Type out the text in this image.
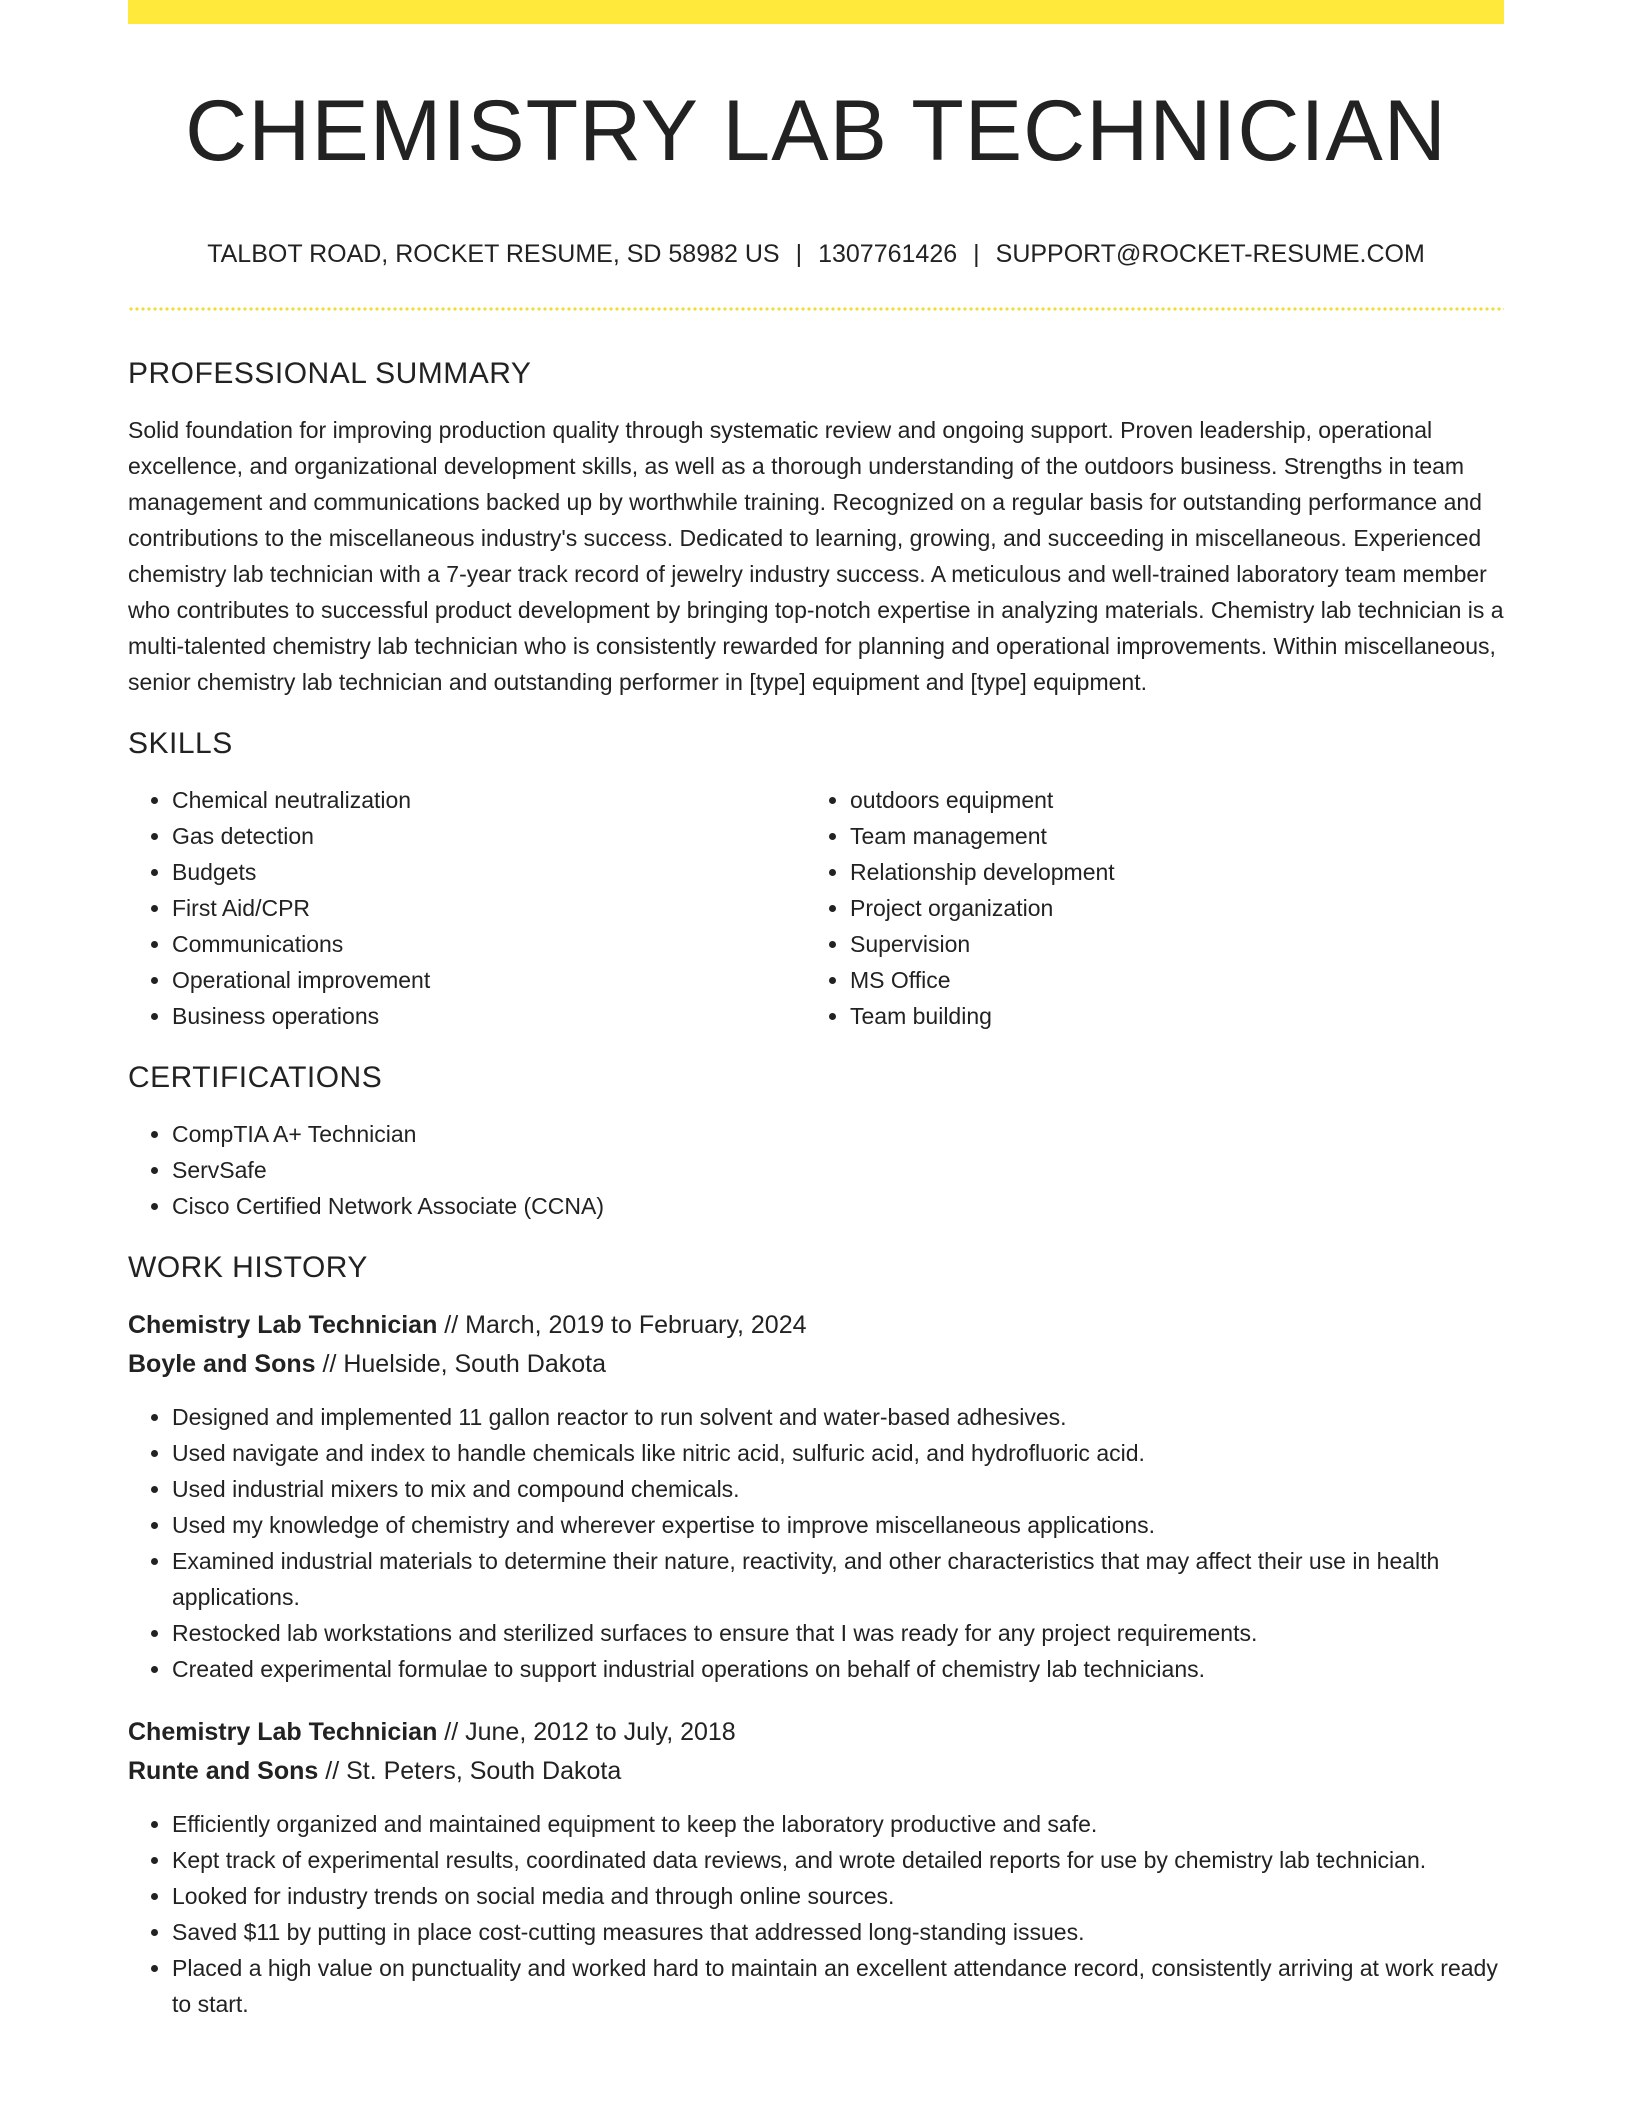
CHEMISTRY LAB TECHNICIAN
TALBOT ROAD, ROCKET RESUME, SD 58982 US | 1307761426 | SUPPORT@ROCKET-RESUME.COM
PROFESSIONAL SUMMARY

Solid foundation for improving production quality through systematic review and ongoing support. Proven leadership, operational excellence, and organizational development skills, as well as a thorough understanding of the outdoors business. Strengths in team management and communications backed up by worthwhile training. Recognized on a regular basis for outstanding performance and contributions to the miscellaneous industry's success. Dedicated to learning, growing, and succeeding in miscellaneous. Experienced chemistry lab technician with a 7-year track record of jewelry industry success. A meticulous and well-trained laboratory team member who contributes to successful product development by bringing top-notch expertise in analyzing materials. Chemistry lab technician is a multi-talented chemistry lab technician who is consistently rewarded for planning and operational improvements. Within miscellaneous, senior chemistry lab technician and outstanding performer in [type] equipment and [type] equipment.

SKILLS
• Chemical neutralization
• Gas detection
• Budgets
• First Aid/CPR
• Communications
• Operational improvement
• Business operations
• outdoors equipment
• Team management
• Relationship development
• Project organization
• Supervision
• MS Office
• Team building
CERTIFICATIONS
• CompTIA A+ Technician
• ServSafe
• Cisco Certified Network Associate (CCNA)
WORK HISTORY

Chemistry Lab Technician // March, 2019 to February, 2024

Boyle and Sons // Huelside, South Dakota

• Designed and implemented 11 gallon reactor to run solvent and water-based adhesives.
• Used navigate and index to handle chemicals like nitric acid, sulfuric acid, and hydrofluoric acid.
• Used industrial mixers to mix and compound chemicals.
• Used my knowledge of chemistry and wherever expertise to improve miscellaneous applications.
• Examined industrial materials to determine their nature, reactivity, and other characteristics that may affect their use in health applications.
• Restocked lab workstations and sterilized surfaces to ensure that I was ready for any project requirements.
• Created experimental formulae to support industrial operations on behalf of chemistry lab technicians.

Chemistry Lab Technician // June, 2012 to July, 2018

Runte and Sons // St. Peters, South Dakota

• Efficiently organized and maintained equipment to keep the laboratory productive and safe.
• Kept track of experimental results, coordinated data reviews, and wrote detailed reports for use by chemistry lab technician.
• Looked for industry trends on social media and through online sources.
• Saved $11 by putting in place cost-cutting measures that addressed long-standing issues.
• Placed a high value on punctuality and worked hard to maintain an excellent attendance record, consistently arriving at work ready to start.
